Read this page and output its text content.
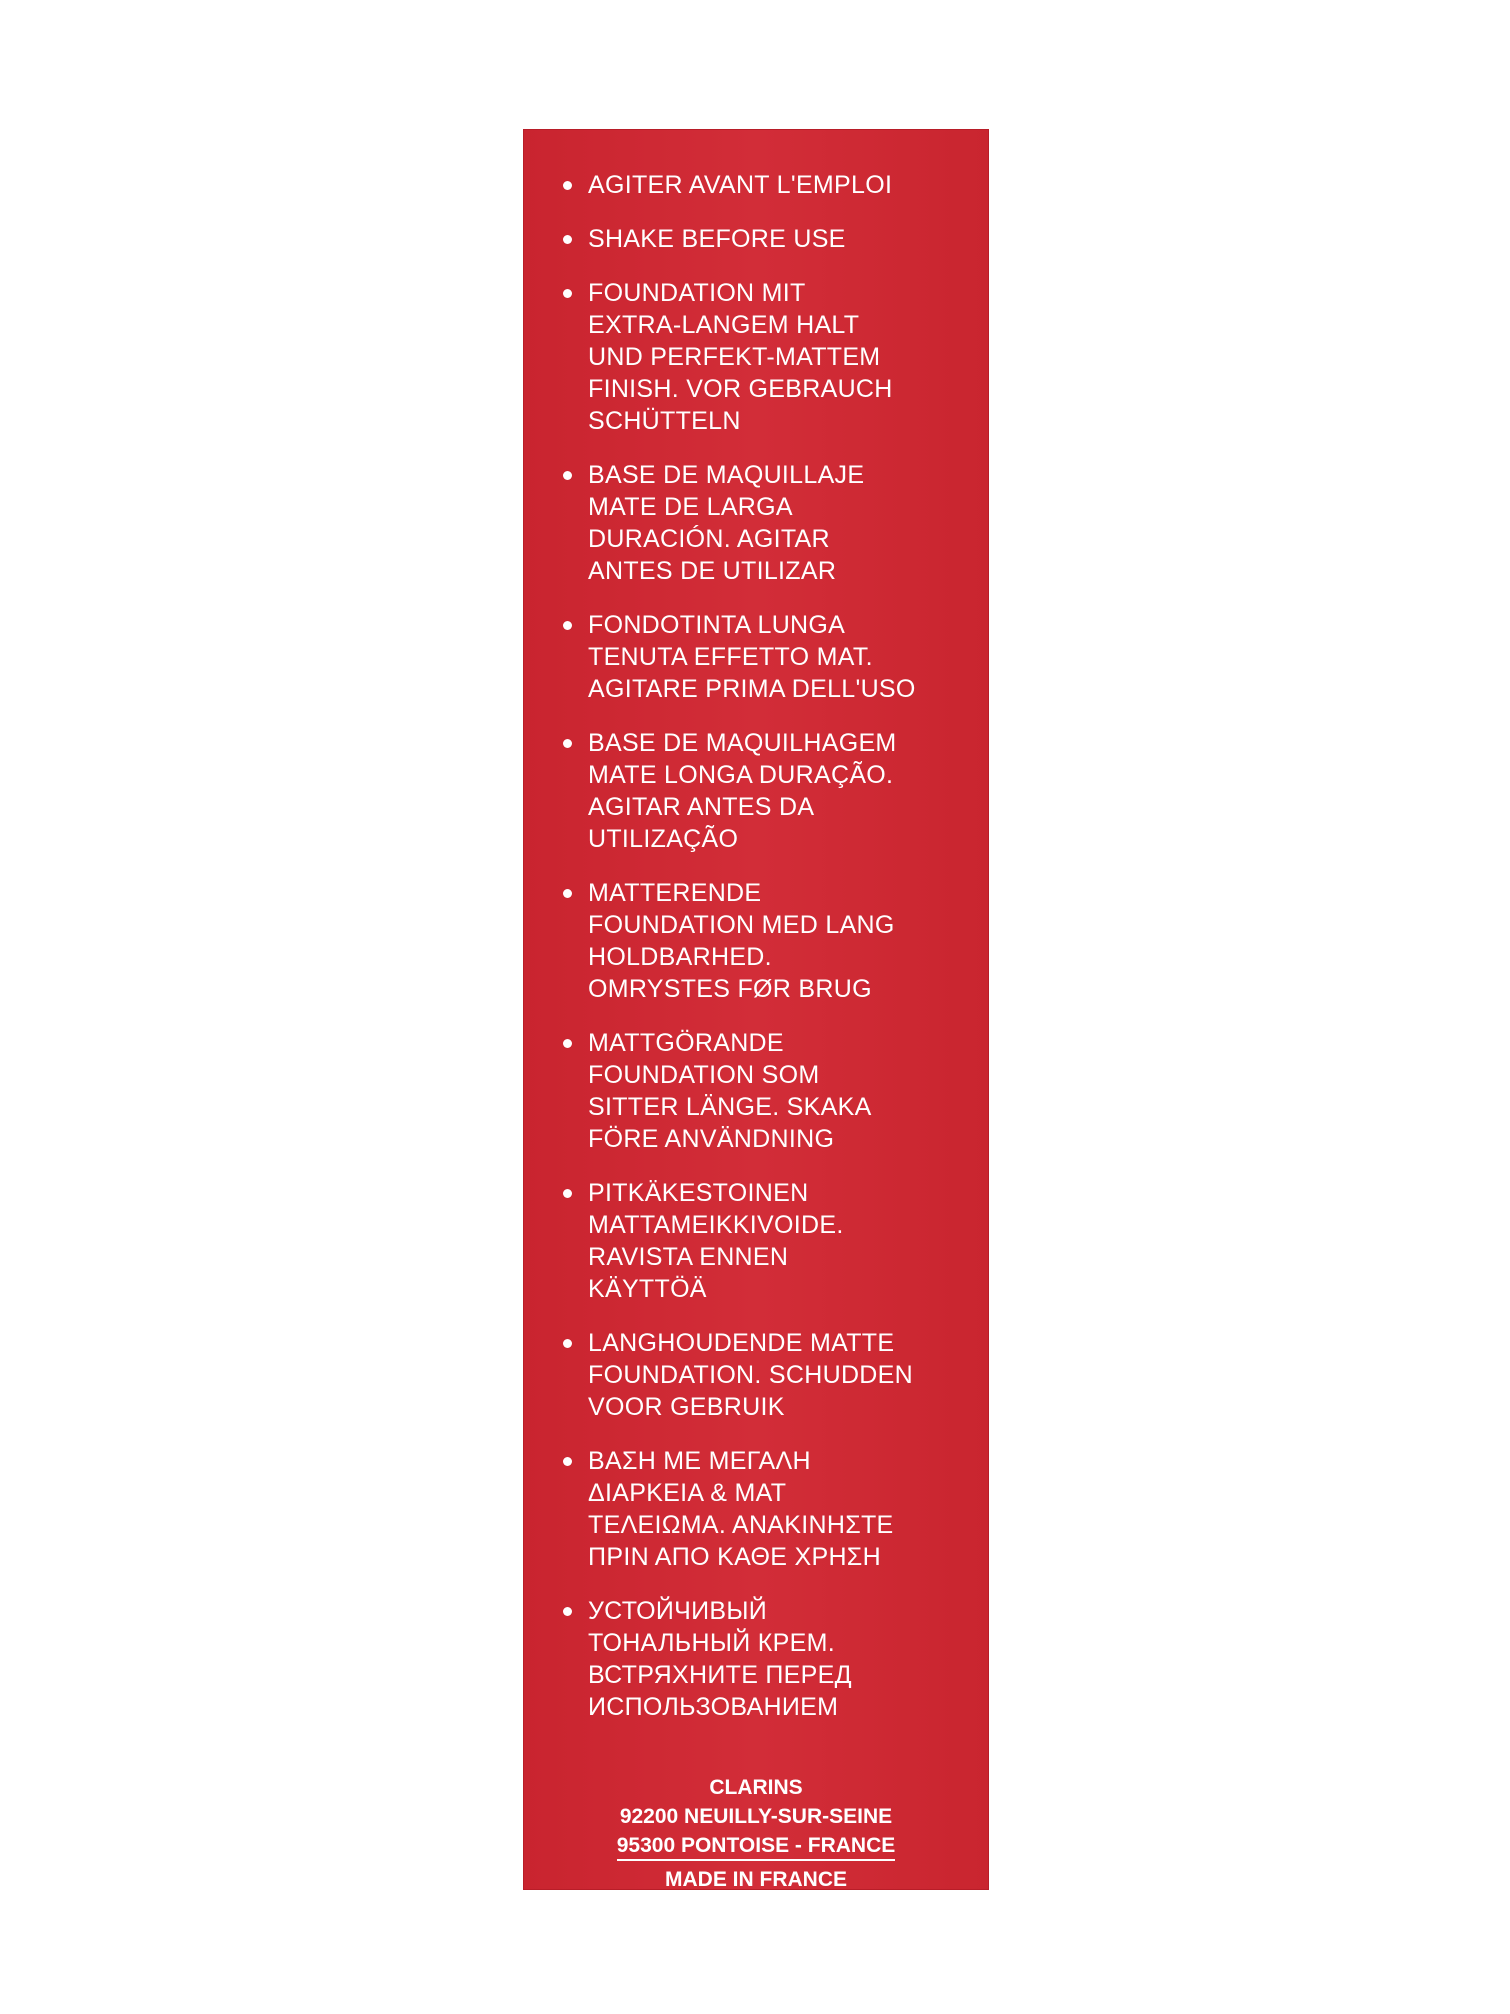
AGITER AVANT L'EMPLOI
SHAKE BEFORE USE
FOUNDATION MIT
EXTRA-LANGEM HALT
UND PERFEKT-MATTEM
FINISH. VOR GEBRAUCH
SCHÜTTELN
BASE DE MAQUILLAJE
MATE DE LARGA
DURACIÓN. AGITAR
ANTES DE UTILIZAR
FONDOTINTA LUNGA
TENUTA EFFETTO MAT.
AGITARE PRIMA DELL'USO
BASE DE MAQUILHAGEM
MATE LONGA DURAÇÃO.
AGITAR ANTES DA
UTILIZAÇÃO
MATTERENDE
FOUNDATION MED LANG
HOLDBARHED.
OMRYSTES FØR BRUG
MATTGÖRANDE
FOUNDATION SOM
SITTER LÄNGE. SKAKA
FÖRE ANVÄNDNING
PITKÄKESTOINEN
MATTAMEIKKIVOIDE.
RAVISTA ENNEN
KÄYTTÖÄ
LANGHOUDENDE MATTE
FOUNDATION. SCHUDDEN
VOOR GEBRUIK
ΒΑΣΗ ΜΕ ΜΕΓΑΛΗ
ΔΙΑΡΚΕΙΑ & ΜΑΤ
ΤΕΛΕΙΩΜΑ. ΑΝΑΚΙΝΗΣΤΕ
ΠΡΙΝ ΑΠΟ ΚΑΘΕ ΧΡΗΣΗ
УСТОЙЧИВЫЙ
ТОНАЛЬНЫЙ КРЕМ.
ВСТРЯХНИТЕ ПЕРЕД
ИСПОЛЬЗОВАНИЕМ
CLARINS
92200 NEUILLY-SUR-SEINE
95300 PONTOISE - FRANCE
MADE IN FRANCE
